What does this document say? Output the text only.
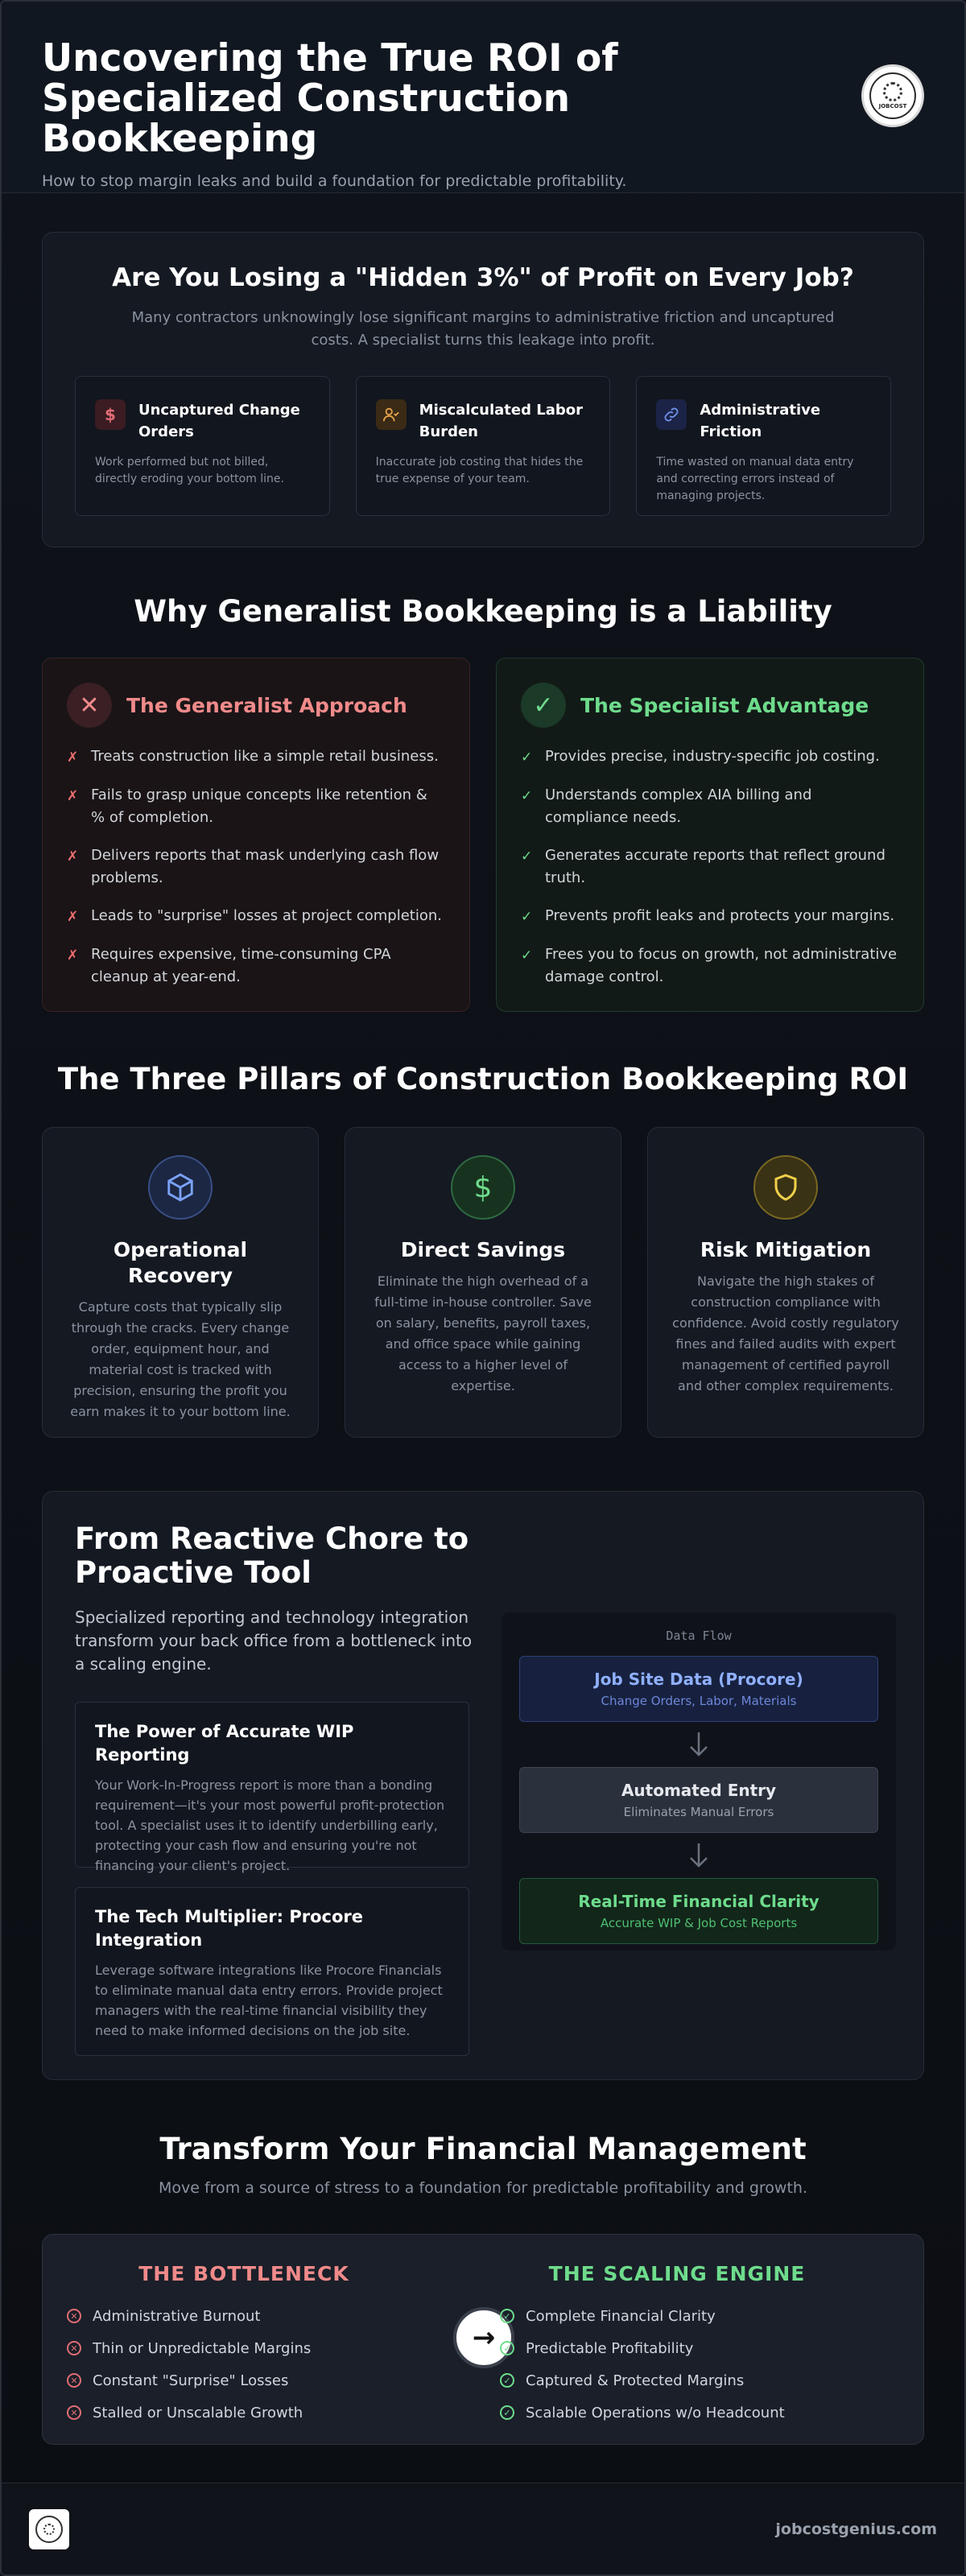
Uncovering the True ROI of Specialized Construction Bookkeeping
How to stop margin leaks and build a foundation for predictable profitability.
JOBCOST
Are You Losing a "Hidden 3%" of Profit on Every Job?

Many contractors unknowingly lose significant margins to administrative friction and uncaptured costs. A specialist turns this leakage into profit.

$	Uncaptured Change Orders
Work performed but not billed, directly eroding your bottom line.
Miscalculated Labor Burden
Inaccurate job costing that hides the true expense of your team.
Administrative Friction
Time wasted on manual data entry and correcting errors instead of managing projects.
Why Generalist Bookkeeping is a Liability
✕	The Generalist Approach
✗ Treats construction like a simple retail business.
✗ Fails to grasp unique concepts like retention & % of completion.
✗ Delivers reports that mask underlying cash flow problems.
✗ Leads to "surprise" losses at project completion.
✗ Requires expensive, time-consuming CPA cleanup at year-end.
✓	The Specialist Advantage
✓ Provides precise, industry-specific job costing.
✓ Understands complex AIA billing and compliance needs.
✓ Generates accurate reports that reflect ground truth.
✓ Prevents profit leaks and protects your margins.
✓ Frees you to focus on growth, not administrative damage control.
The Three Pillars of Construction Bookkeeping ROI
Operational Recovery
Capture costs that typically slip through the cracks. Every change order, equipment hour, and material cost is tracked with precision, ensuring the profit you earn makes it to your bottom line.
$
Direct Savings
Eliminate the high overhead of a full-time in-house controller. Save on salary, benefits, payroll taxes, and office space while gaining access to a higher level of expertise.
Risk Mitigation
Navigate the high stakes of construction compliance with confidence. Avoid costly regulatory fines and failed audits with expert management of certified payroll and other complex requirements.
From Reactive Chore to Proactive Tool

Specialized reporting and technology integration transform your back office from a bottleneck into a scaling engine.

The Power of Accurate WIP Reporting

Your Work-In-Progress report is more than a bonding requirement—it's your most powerful profit-protection tool. A specialist uses it to identify underbilling early, protecting your cash flow and ensuring you're not financing your client's project.

The Tech Multiplier: Procore Integration

Leverage software integrations like Procore Financials to eliminate manual data entry errors. Provide project managers with the real-time financial visibility they need to make informed decisions on the job site.

Data Flow
Job Site Data (Procore)
Change Orders, Labor, Materials
Automated Entry
Eliminates Manual Errors
Real-Time Financial Clarity
Accurate WIP & Job Cost Reports
Transform Your Financial Management
Move from a source of stress to a foundation for predictable profitability and growth.
THE BOTTLENECK
✕ Administrative Burnout
✕ Thin or Unpredictable Margins
✕ Constant "Surprise" Losses
✕ Stalled or Unscalable Growth
→
THE SCALING ENGINE
✓ Complete Financial Clarity
✓ Predictable Profitability
✓ Captured & Protected Margins
✓ Scalable Operations w/o Headcount
jobcostgenius.com
